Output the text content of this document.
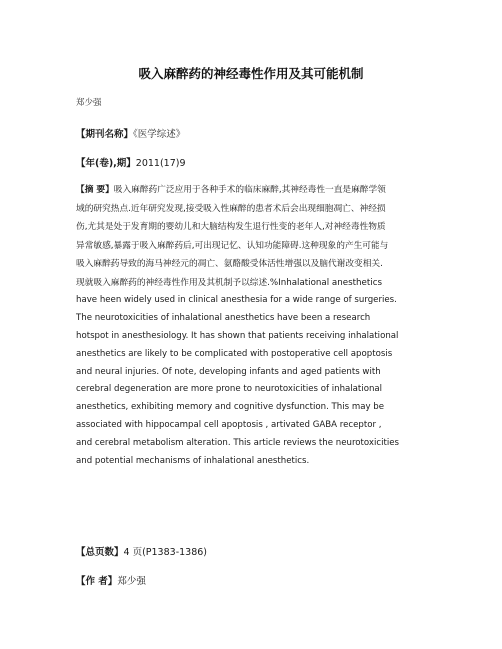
吸入麻醉药的神经毒性作用及其可能机制
郑少强
【期刊名称】《医学综述》
【年(卷),期】2011(17)9
【摘 要】吸入麻醉药广泛应用于各种手术的临床麻醉,其神经毒性一直是麻醉学领
域的研究热点.近年研究发现,接受吸入性麻醉的患者术后会出现细胞凋亡、神经损
伤,尤其是处于发育期的婴幼儿和大脑结构发生退行性变的老年人,对神经毒性物质
异常敏感,暴露于吸入麻醉药后,可出现记忆、认知功能障碍.这种现象的产生可能与
吸入麻醉药导致的海马神经元的凋亡、氨酪酸受体活性增强以及脑代谢改变相关.
现就吸入麻醉药的神经毒性作用及其机制予以综述.%Inhalational anesthetics
have heen widely used in clinical anesthesia for a wide range of surgeries.
The neurotoxicities of inhalational anesthetics have been a research
hotspot in anesthesiology. It has shown that patients receiving inhalational
anesthetics are likely to be complicated with postoperative cell apoptosis
and neural injuries. Of note, developing infants and aged patients with
cerebral degeneration are more prone to neurotoxicities of inhalational
anesthetics, exhibiting memory and cognitive dysfunction. This may be
associated with hippocampal cell apoptosis , artivated GABA receptor ,
and cerebral metabolism alteration. This article reviews the neurotoxicities
and potential mechanisms of inhalational anesthetics.
【总页数】4 页(P1383-1386)
【作 者】郑少强
